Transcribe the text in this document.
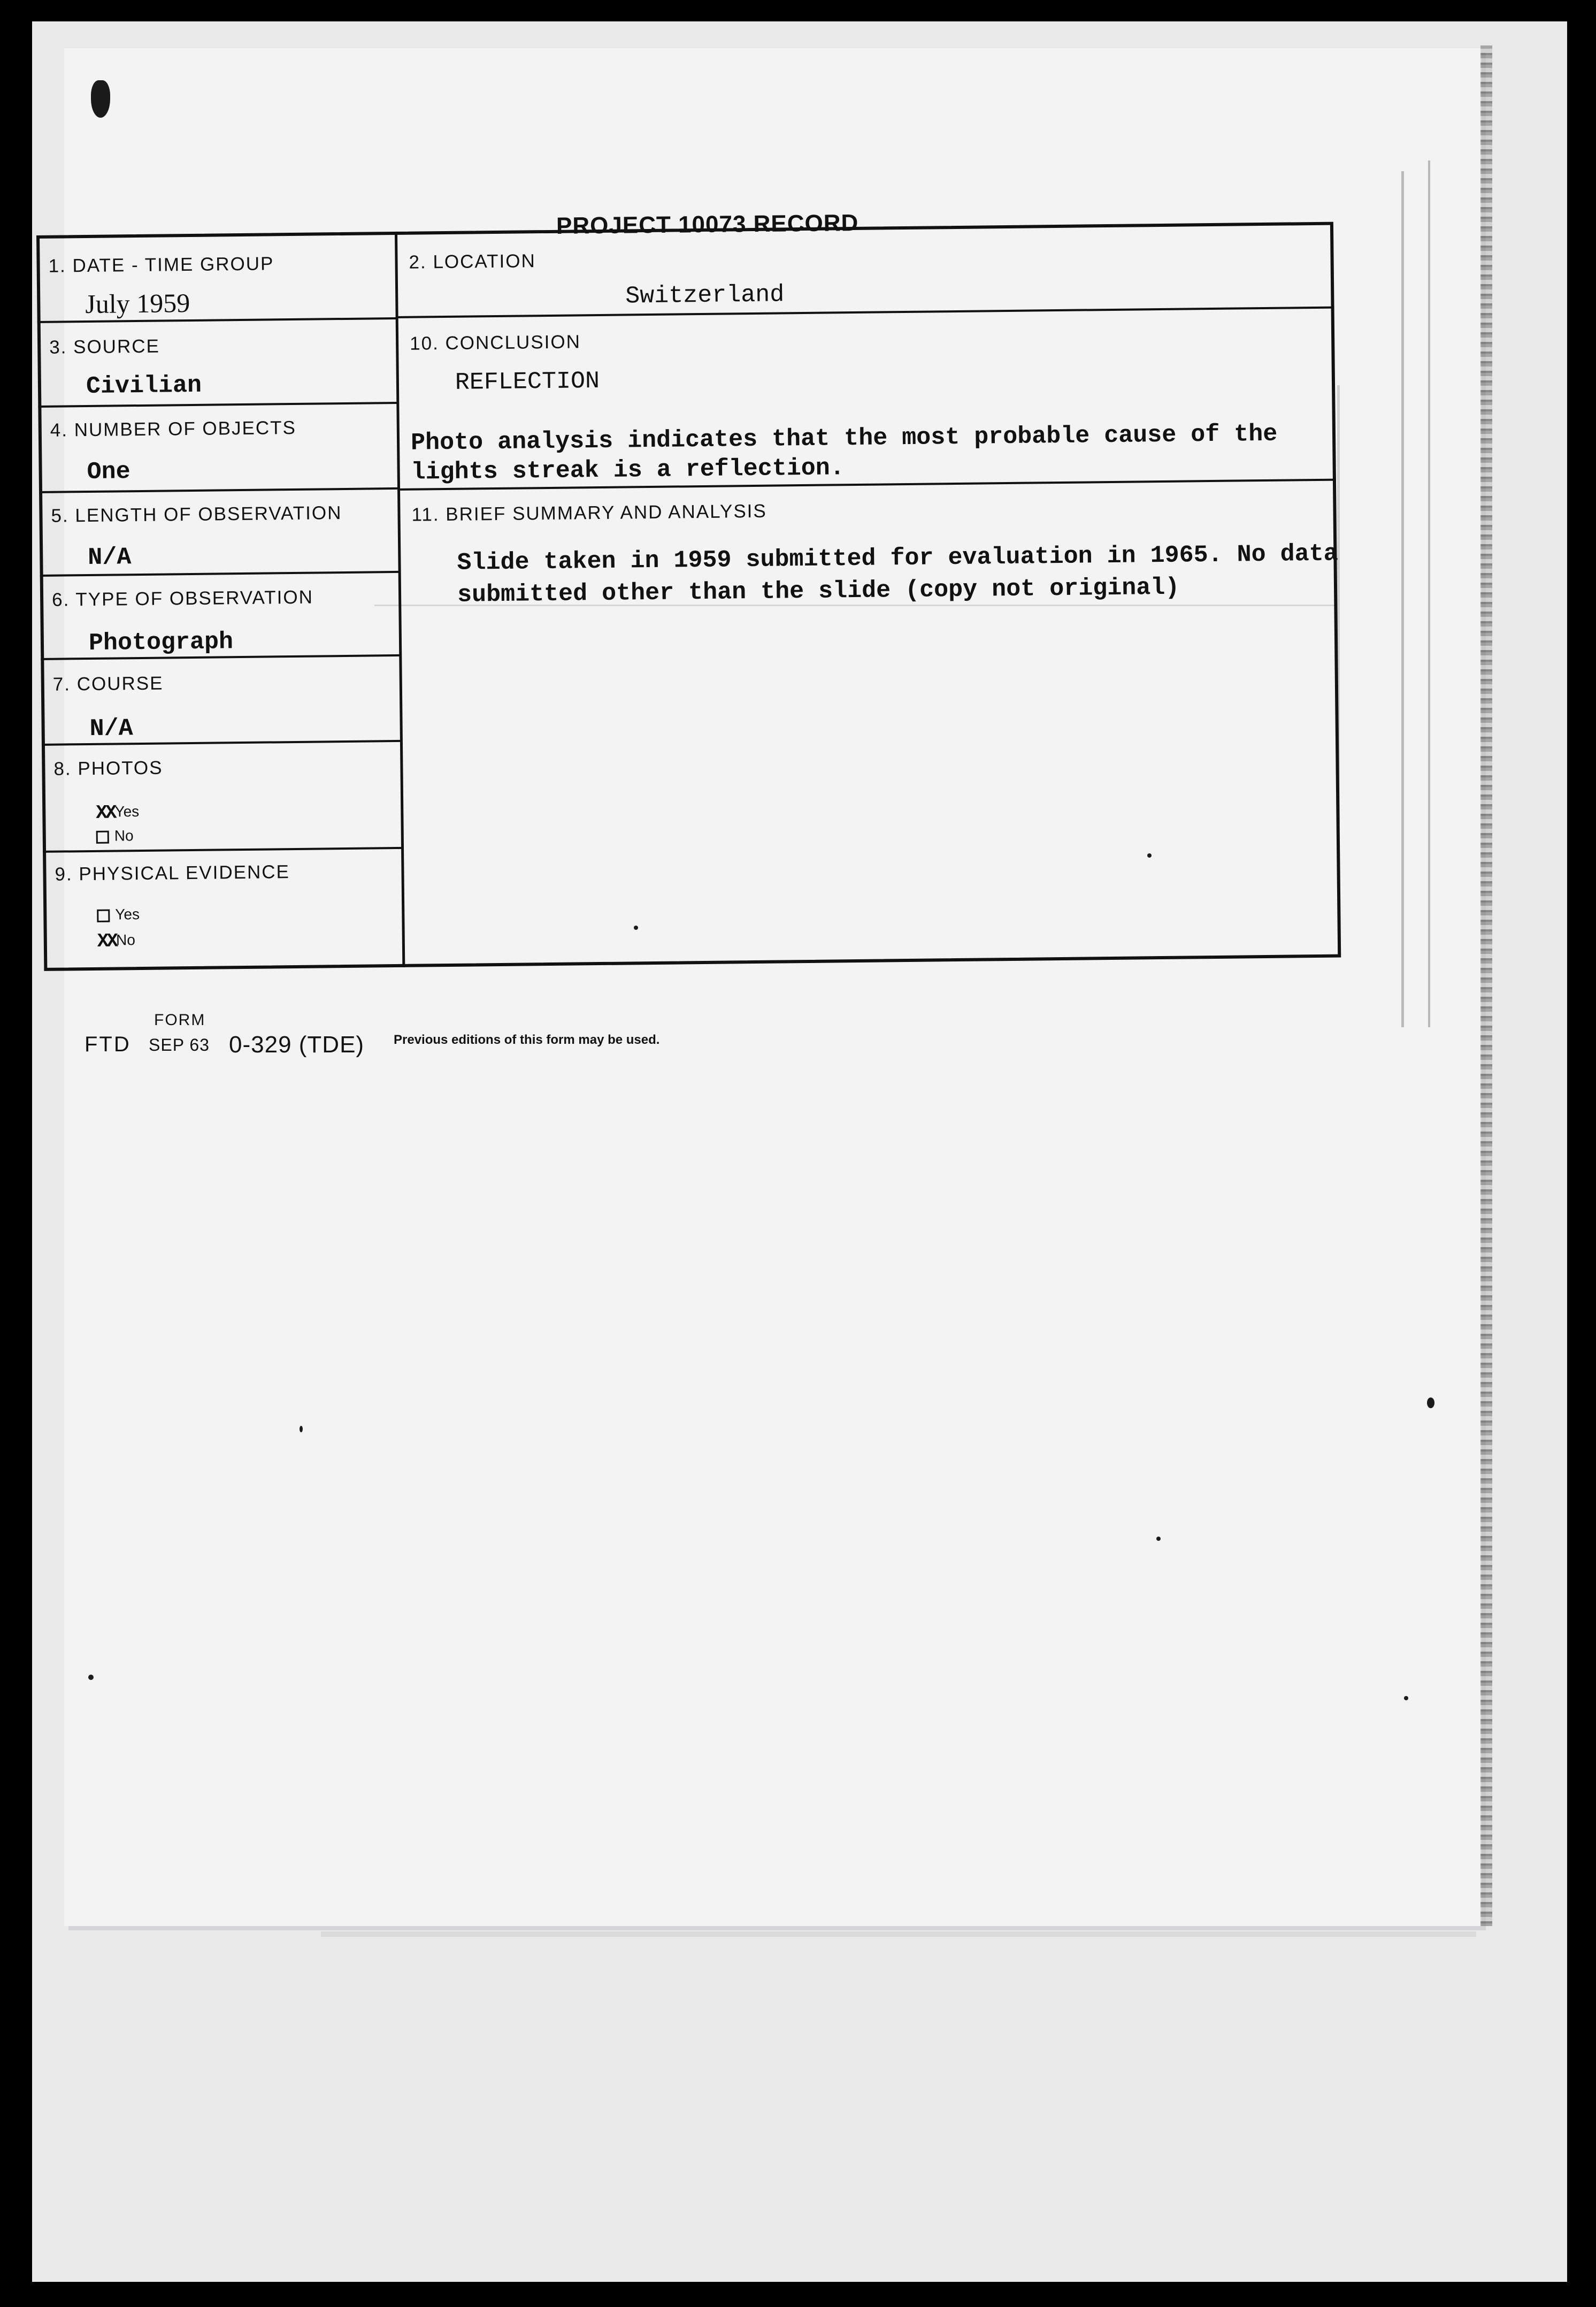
PROJECT 10073 RECORD
1. DATE - TIME GROUP
July 1959
3. SOURCE
Civilian
4. NUMBER OF OBJECTS
One
5. LENGTH OF OBSERVATION
N/A
6. TYPE OF OBSERVATION
Photograph
7. COURSE
N/A
8. PHOTOS
XXYes
No
9. PHYSICAL EVIDENCE
Yes
XXNo
2. LOCATION
Switzerland
10. CONCLUSION
REFLECTION
Photo analysis indicates that the most probable cause of the
lights streak is a reflection.
11. BRIEF SUMMARY AND ANALYSIS
Slide taken in 1959 submitted for evaluation in 1965. No data
submitted other than the slide (copy not original)
FORM
FTD SEP 63 0-329 (TDE) Previous editions of this form may be used.
